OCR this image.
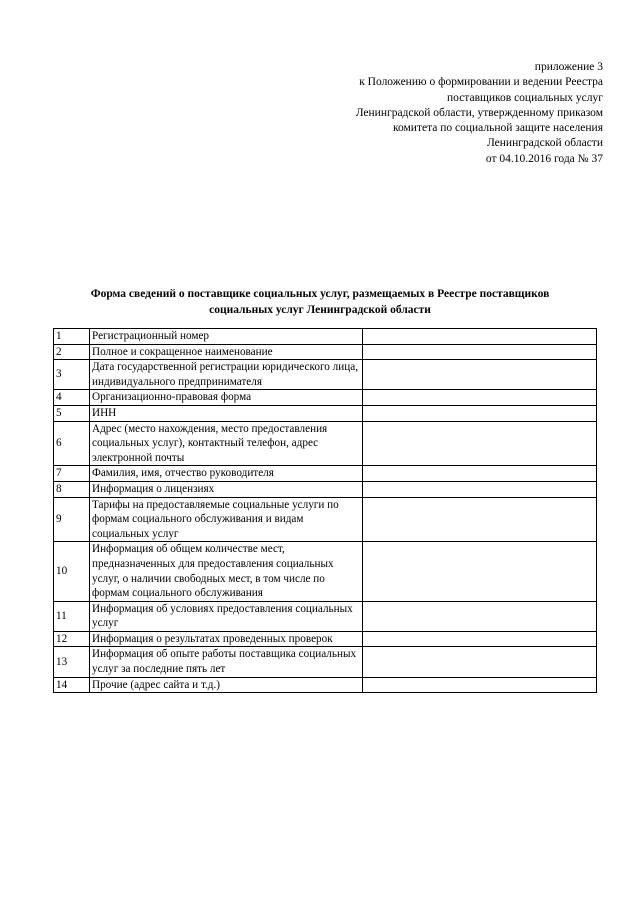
приложение 3
к Положению о формировании и ведении Реестра
поставщиков социальных услуг
Ленинградской области, утвержденному приказом
комитета по социальной защите населения
Ленинградской области
от 04.10.2016 года № 37
Форма сведений о поставщике социальных услуг, размещаемых в Реестре поставщиков
социальных услуг Ленинградской области
1	Регистрационный номер	
2	Полное и сокращенное наименование	
3	Дата государственной регистрации юридического лица, индивидуального предпринимателя	
4	Организационно-правовая форма	
5	ИНН	
6	Адрес (место нахождения, место предоставления социальных услуг), контактный телефон, адрес электронной почты	
7	Фамилия, имя, отчество руководителя	
8	Информация о лицензиях	
9	Тарифы на предоставляемые социальные услуги по формам социального обслуживания и видам социальных услуг	
10	Информация об общем количестве мест, предназначенных для предоставления социальных услуг, о наличии свободных мест, в том числе по формам социального обслуживания	
11	Информация об условиях предоставления социальных услуг	
12	Информация о результатах проведенных проверок	
13	Информация об опыте работы поставщика социальных услуг за последние пять лет	
14	Прочие (адрес сайта и т.д.)	
